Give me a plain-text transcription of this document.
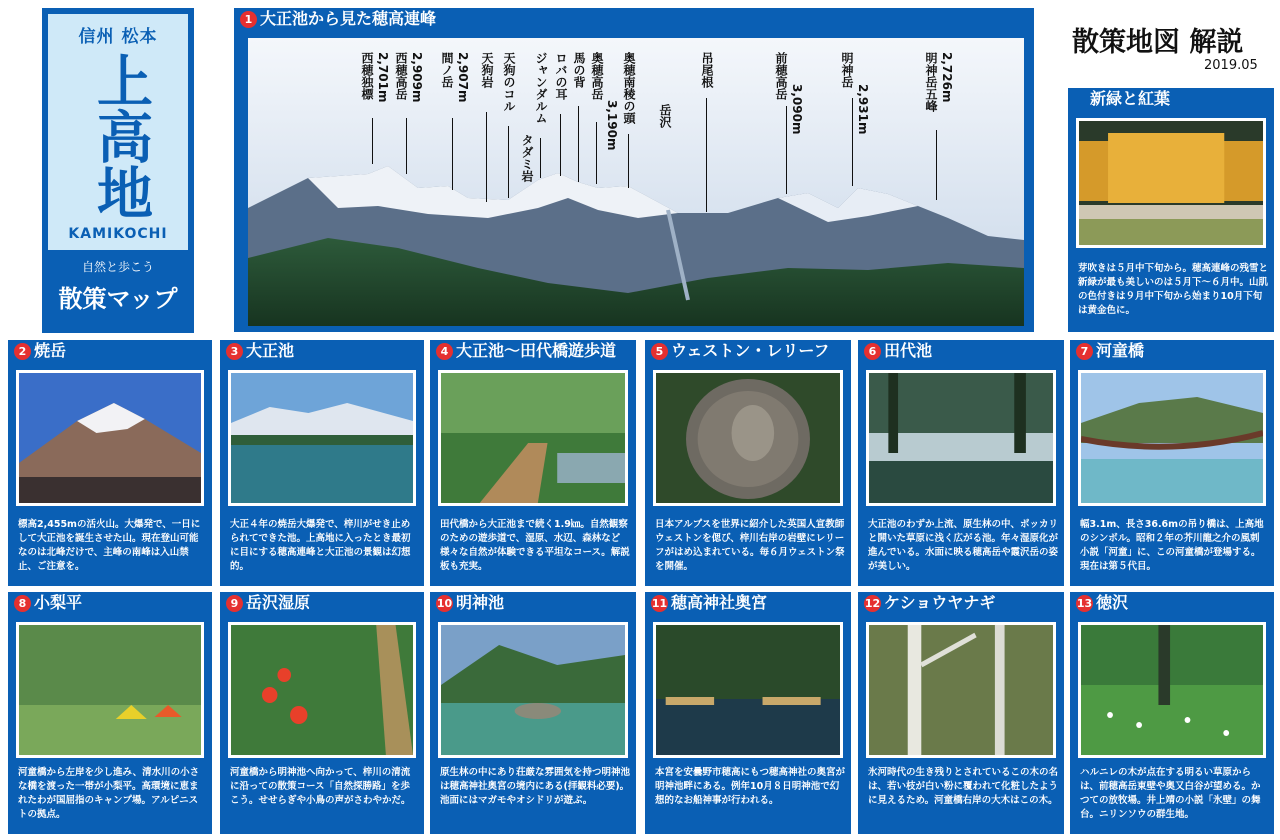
信州 松本
上高地
KAMIKOCHI
自然と歩こう
散策マップ
散策地図 解説
2019.05
1 大正池から見た穂高連峰
西穂独標 2,701m 西穂高岳 2,909m 間ノ岳 2,907m 天狗岩 天狗のコル
タダミ岩
ジャンダルム ロバの耳 馬の背 奥穂高岳
3,190m
奥穂南稜の頭 岳沢
吊尾根	前穂高岳
3,090m
明神岳
2,931m	明神岳五峰 2,726m	新緑と紅葉
芽吹きは５月中下旬から。穂高連峰の残雪と新緑が最も美しいのは５月下～６月中。山肌の色付きは９月中下旬から始まり10月下旬は黄金色に。
2 焼岳
標高2,455mの活火山。大爆発で、一日にして大正池を誕生させた山。現在登山可能なのは北峰だけで、主峰の南峰は入山禁止、ご注意を。
3 大正池
大正４年の焼岳大爆発で、梓川がせき止められてできた池。上高地に入ったとき最初に目にする穂高連峰と大正池の景観は幻想的。
4 大正池～田代橋遊歩道
田代橋から大正池まで続く1.9㎞。自然観察のための遊歩道で、湿原、水辺、森林など様々な自然が体験できる平坦なコース。解説板も充実。
5 ウェストン・レリーフ
日本アルプスを世界に紹介した英国人宣教師ウェストンを偲び、梓川右岸の岩壁にレリーフがはめ込まれている。毎６月ウェストン祭を開催。
6 田代池
大正池のわずか上流、原生林の中、ポッカリと開いた草原に浅く広がる池。年々湿原化が進んでいる。水面に映る穂高岳や霞沢岳の姿が美しい。
7 河童橋
幅3.1m、長さ36.6mの吊り橋は、上高地のシンボル。昭和２年の芥川龍之介の風刺小説「河童」に、この河童橋が登場する。現在は第５代目。
8 小梨平
河童橋から左岸を少し進み、清水川の小さな橋を渡った一帯が小梨平。高環境に恵まれたわが国屈指のキャンプ場。アルピニストの拠点。
9 岳沢湿原
河童橋から明神池へ向かって、梓川の清流に沿っての散策コース「自然探勝路」を歩こう。せせらぎや小鳥の声がさわやかだ。
10 明神池
原生林の中にあり荘厳な雰囲気を持つ明神池は穂高神社奥宮の境内にある(拝観料必要)。池面にはマガモやオシドリが遊ぶ。
11 穂高神社奥宮
本宮を安曇野市穂高にもつ穂高神社の奥宮が明神池畔にある。例年10月８日明神池で幻想的なお船神事が行われる。
12 ケショウヤナギ
氷河時代の生き残りとされているこの木の名は、若い枝が白い粉に覆われて化粧したように見えるため。河童橋右岸の大木はこの木。
13 徳沢
ハルニレの木が点在する明るい草原からは、前穂高岳東壁や奥又白谷が望める。かつての放牧場。井上靖の小説「氷壁」の舞台。ニリンソウの群生地。
